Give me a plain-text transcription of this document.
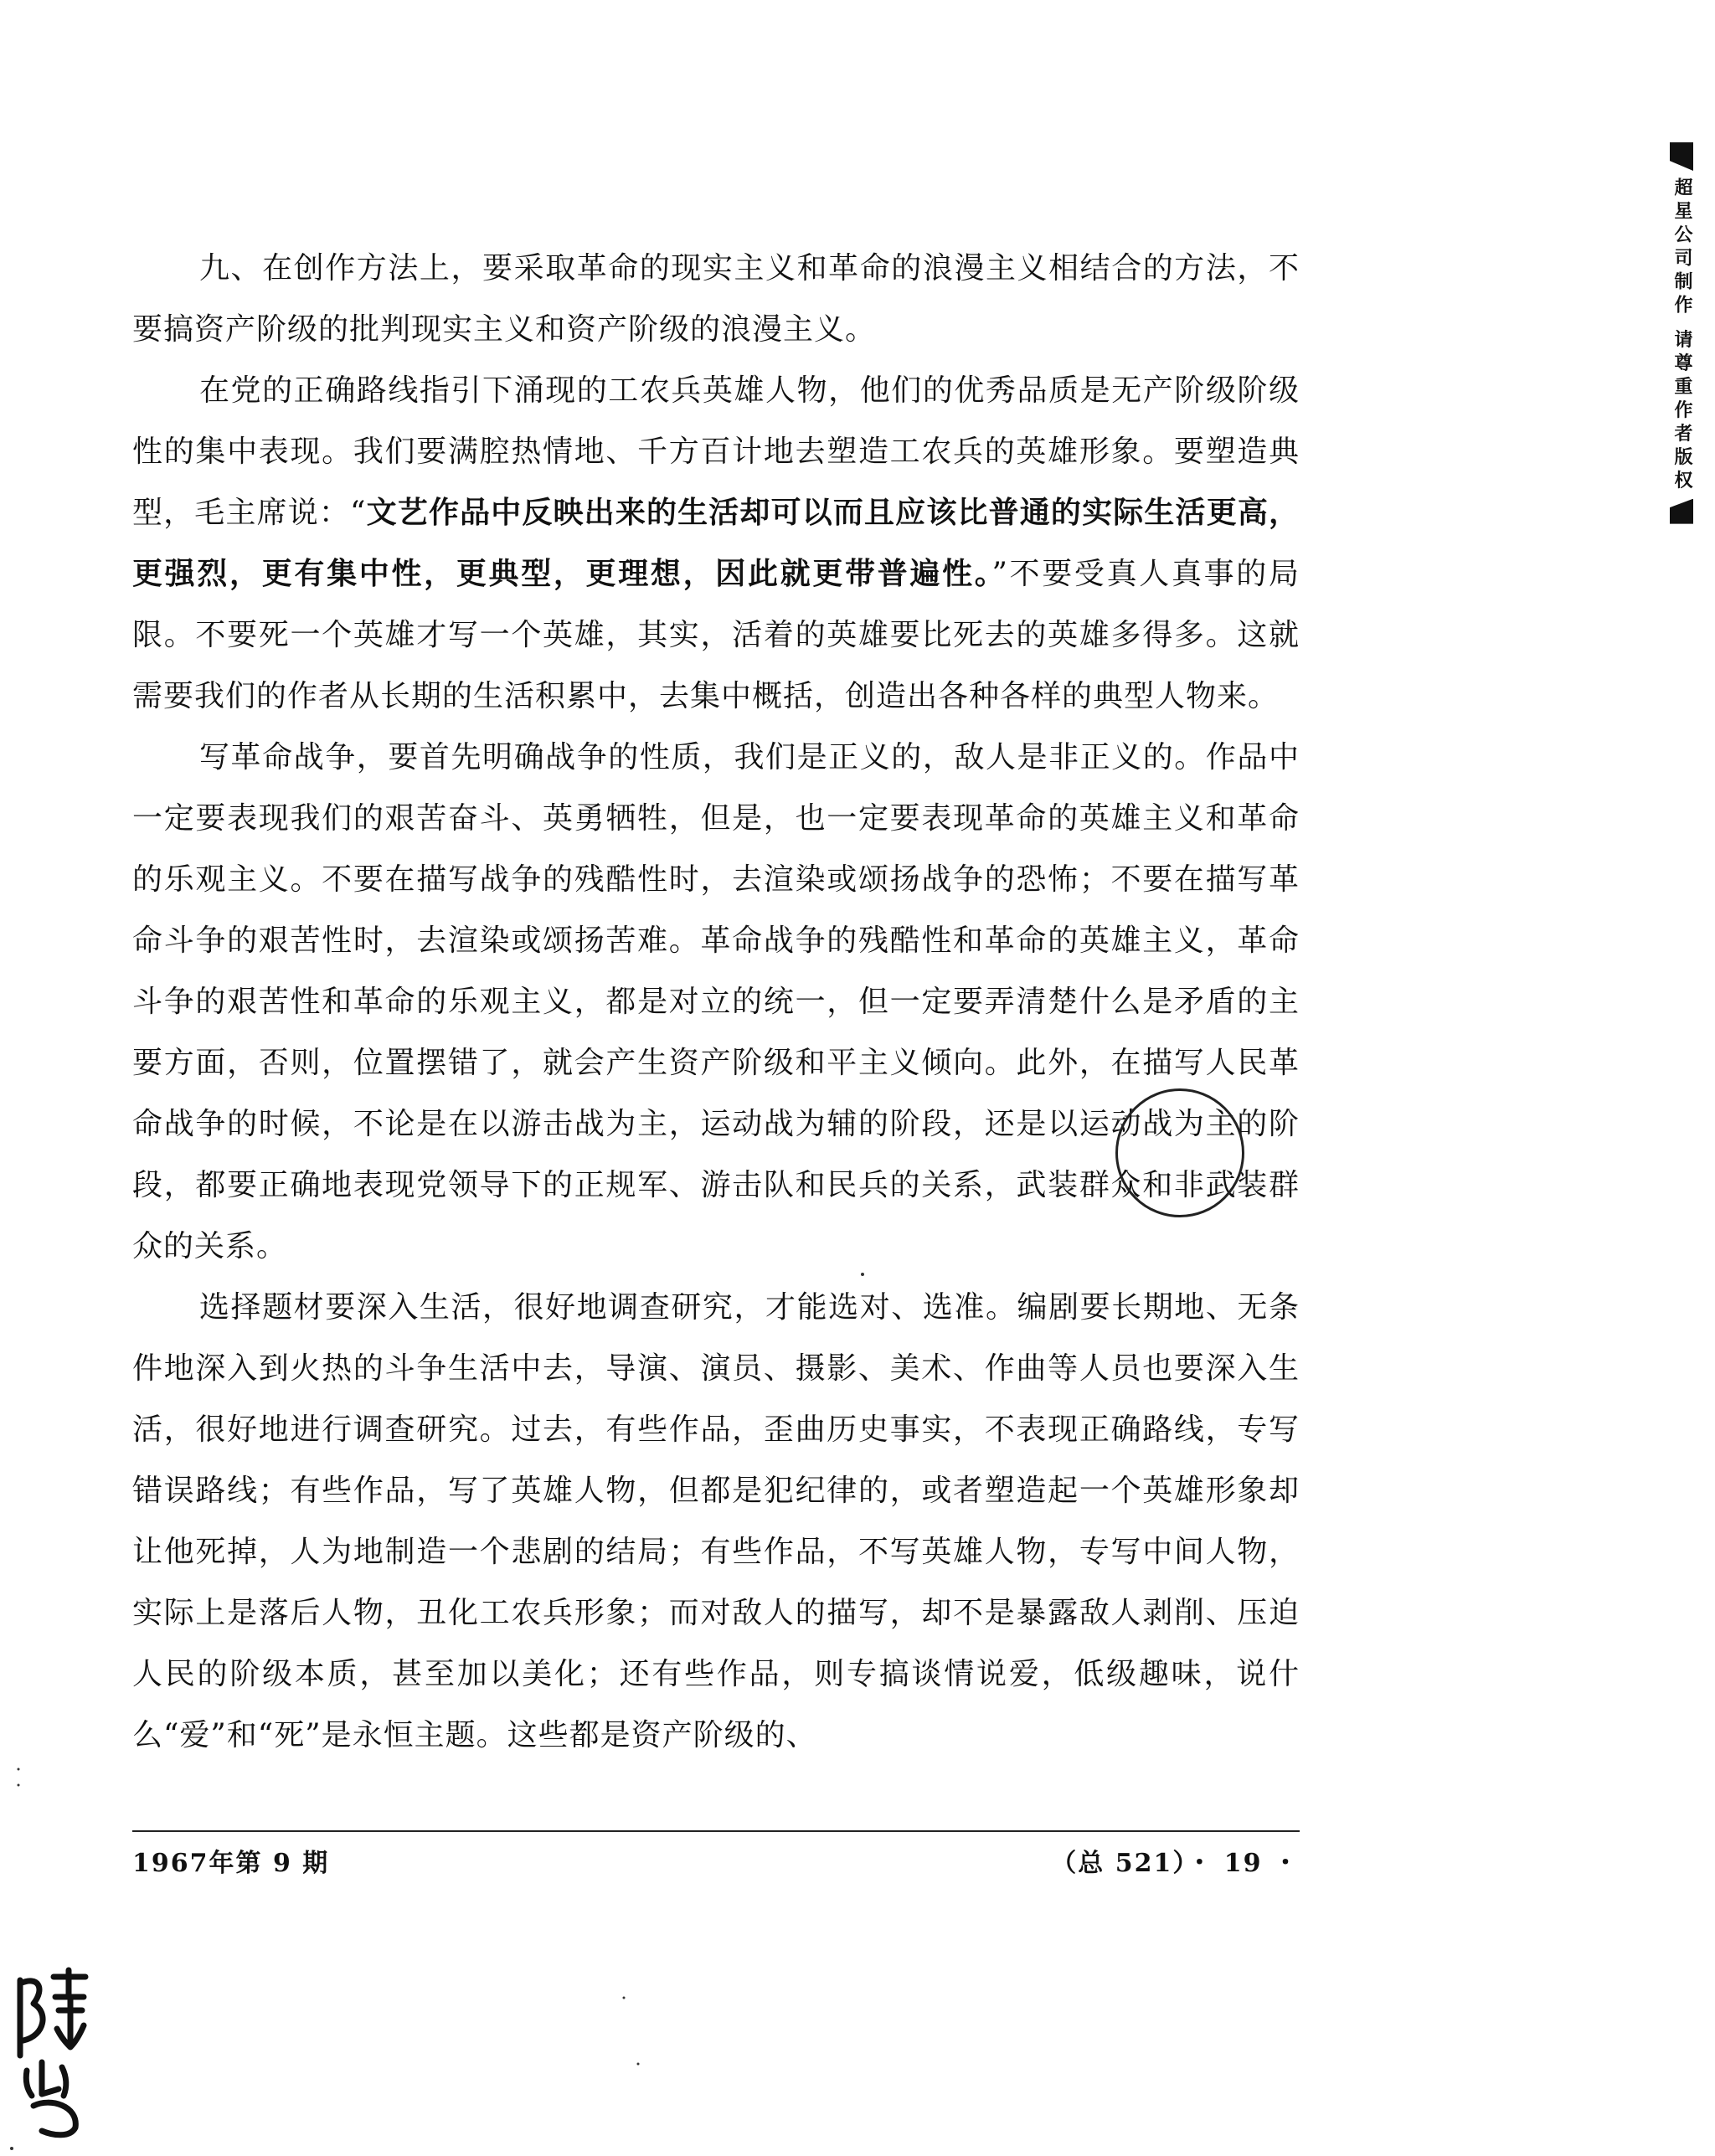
九、在创作方法上，要采取革命的现实主义和革命的浪漫主义相结合的方法，不要搞资产阶级的批判现实主义和资产阶级的浪漫主义。

在党的正确路线指引下涌现的工农兵英雄人物，他们的优秀品质是无产阶级阶级性的集中表现。我们要满腔热情地、千方百计地去塑造工农兵的英雄形象。要塑造典型，毛主席说：“文艺作品中反映出来的生活却可以而且应该比普通的实际生活更高，更强烈，更有集中性，更典型，更理想，因此就更带普遍性。”不要受真人真事的局限。不要死一个英雄才写一个英雄，其实，活着的英雄要比死去的英雄多得多。这就需要我们的作者从长期的生活积累中，去集中概括，创造出各种各样的典型人物来。

写革命战争，要首先明确战争的性质，我们是正义的，敌人是非正义的。作品中一定要表现我们的艰苦奋斗、英勇牺牲，但是，也一定要表现革命的英雄主义和革命的乐观主义。不要在描写战争的残酷性时，去渲染或颂扬战争的恐怖；不要在描写革命斗争的艰苦性时，去渲染或颂扬苦难。革命战争的残酷性和革命的英雄主义，革命斗争的艰苦性和革命的乐观主义，都是对立的统一，但一定要弄清楚什么是矛盾的主要方面，否则，位置摆错了，就会产生资产阶级和平主义倾向。此外，在描写人民革命战争的时候，不论是在以游击战为主，运动战为辅的阶段，还是以运动战为主的阶段，都要正确地表现党领导下的正规军、游击队和民兵的关系，武装群众和非武装群众的关系。

选择题材要深入生活，很好地调查研究，才能选对、选准。编剧要长期地、无条件地深入到火热的斗争生活中去，导演、演员、摄影、美术、作曲等人员也要深入生活，很好地进行调查研究。过去，有些作品，歪曲历史事实，不表现正确路线，专写错误路线；有些作品，写了英雄人物，但都是犯纪律的，或者塑造起一个英雄形象却让他死掉，人为地制造一个悲剧的结局；有些作品，不写英雄人物，专写中间人物，实际上是落后人物，丑化工农兵形象；而对敌人的描写，却不是暴露敌人剥削、压迫人民的阶级本质，甚至加以美化；还有些作品，则专搞谈情说爱，低级趣味，说什么“爱”和“死”是永恒主题。这些都是资产阶级的、

1967年第 9 期	（总 521）・ 19 ・
超星公司制作 请尊重作者版权
